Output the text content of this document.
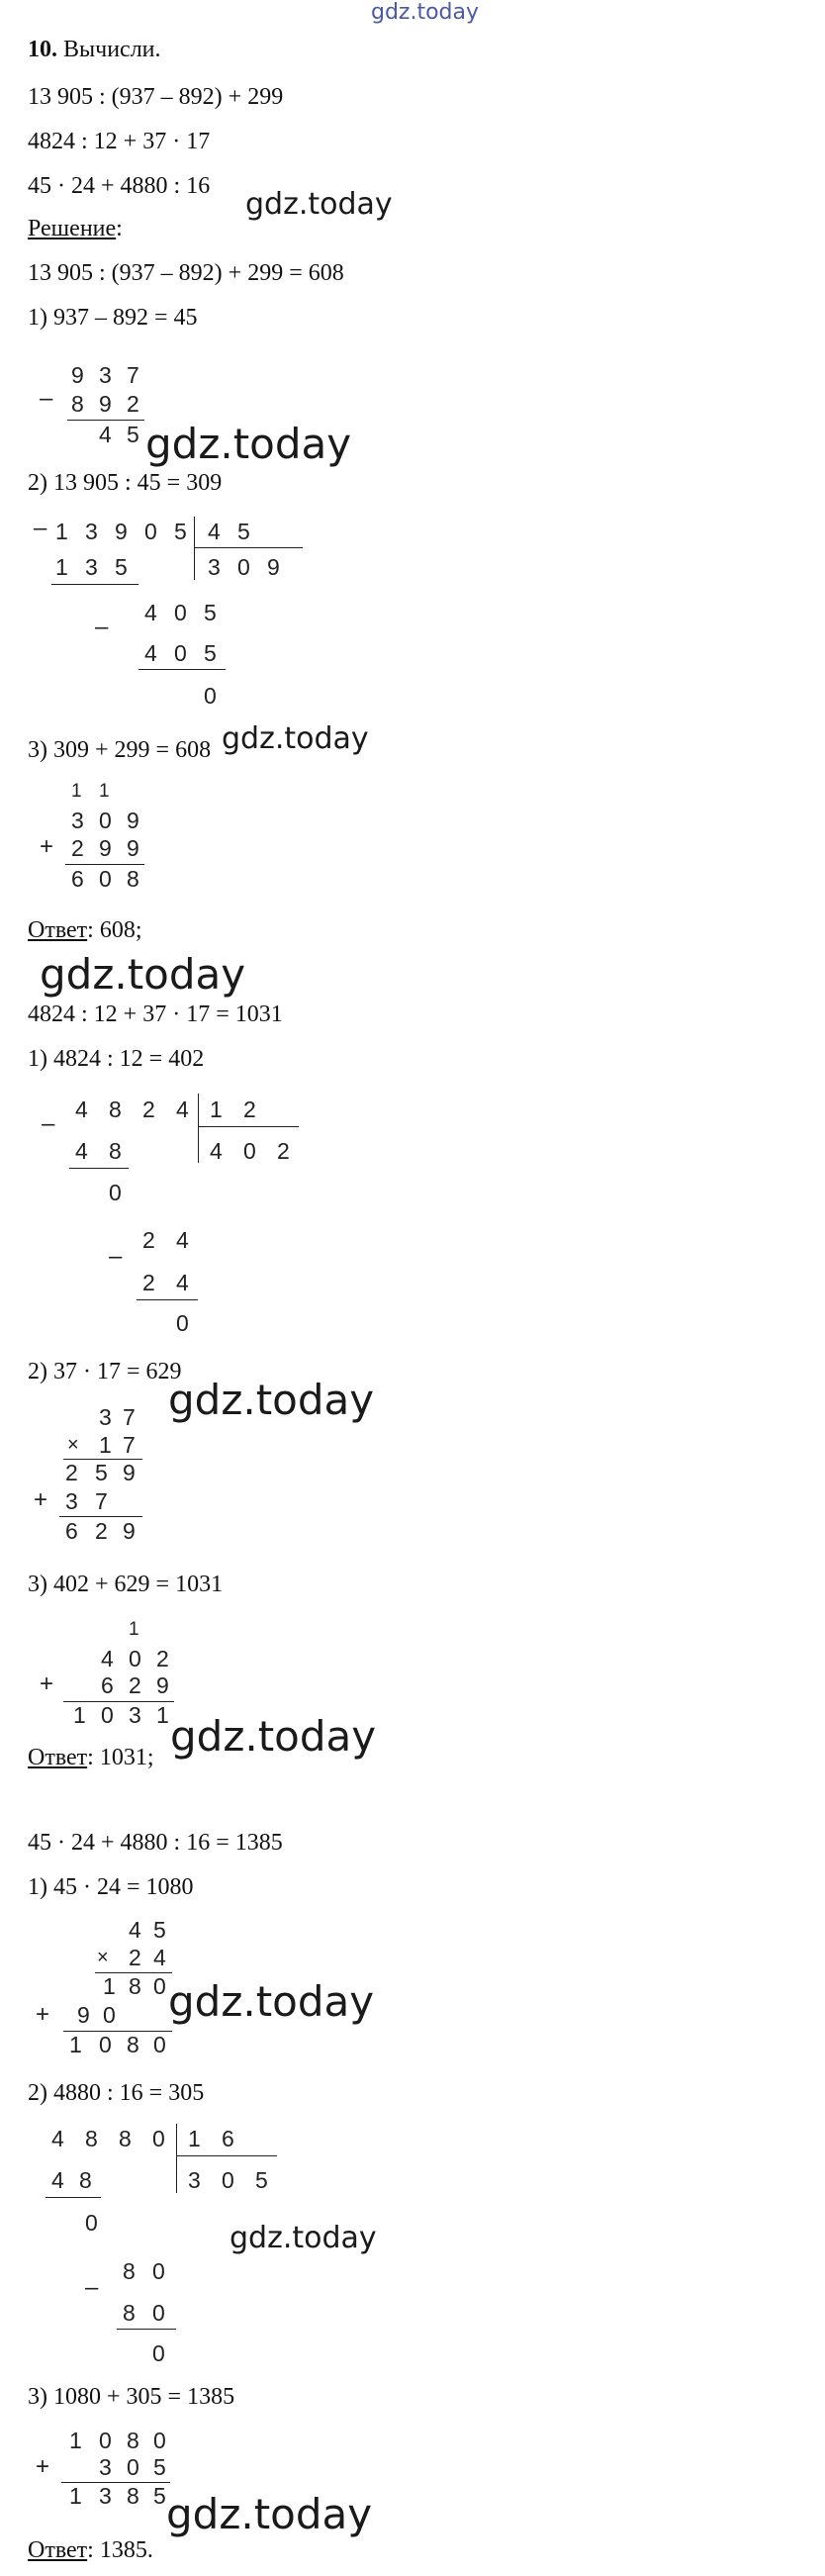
gdz.today
10. Вычисли.
13 905 : (937 – 892) + 299
4824 : 12 + 37 · 17
45 · 24 + 4880 : 16
gdz.today
Решение:
13 905 : (937 – 892) + 299 = 608
1) 937 – 892 = 45
–
9 3 7
8 9 2
4 5 gdz.today
2) 13 905 : 45 = 309
– 1 3 9 0 5 4 5
3 0 9
1 3 5
–
4 0 5
4 0 5
0
3) 309 + 299 = 608 gdz.today
1 1
3 0 9
+ 2 9 9
6 0 8
Ответ: 608;
gdz.today
4824 : 12 + 37 · 17 = 1031
1) 4824 : 12 = 402
–
4 8 2 4 1 2
4 0 2
4 8
0
–
2 4
2 4
0
2) 37 · 17 = 629
gdz.today
3 7
× 1 7
2 5 9
+ 3 7
6 2 9
3) 402 + 629 = 1031
1
4 0 2
+ 6 2 9
1 0 3 1 gdz.today
Ответ: 1031;
45 · 24 + 4880 : 16 = 1385
1) 45 · 24 = 1080
4 5
× 2 4
1 8 0
+ 9 0
1 0 8 0
gdz.today
2) 4880 : 16 = 305
4 8 8 0 1 6
3 0 5
4 8
0
–
8 0
8 0
0
gdz.today
3) 1080 + 305 = 1385
1 0 8 0
+ 3 0 5
1 3 8 5 gdz.today
Ответ: 1385.
